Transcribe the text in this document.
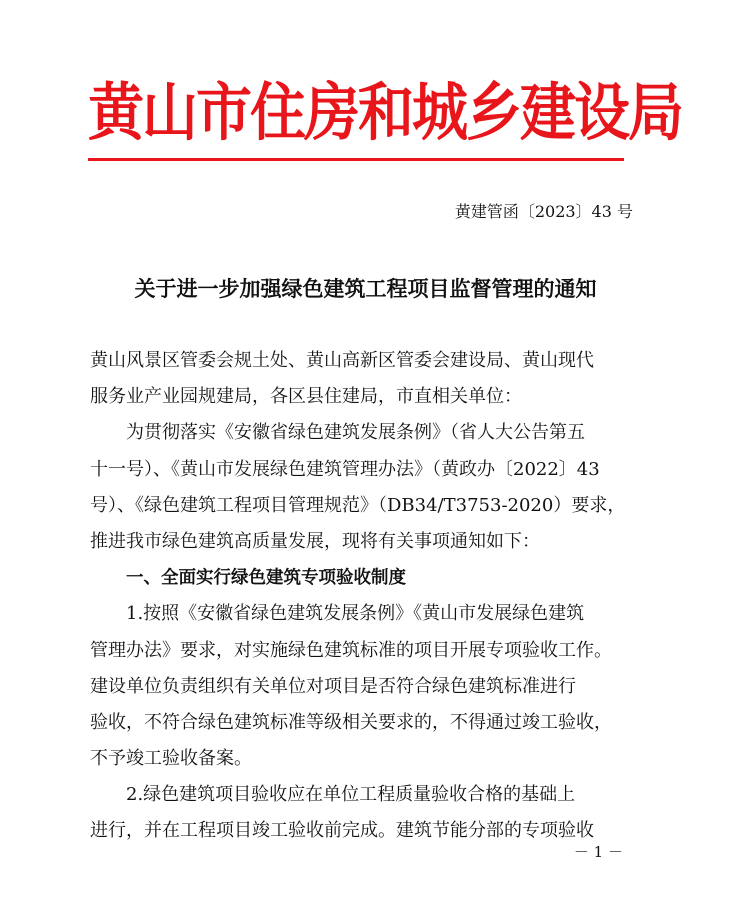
黄山市住房和城乡建设局
黄建管函〔2023〕43 号
关于进一步加强绿色建筑工程项目监督管理的通知
黄山风景区管委会规土处、黄山高新区管委会建设局、黄山现代
服务业产业园规建局，各区县住建局，市直相关单位：
为贯彻落实《安徽省绿色建筑发展条例》（省人大公告第五
十一号）、《黄山市发展绿色建筑管理办法》（黄政办〔2022〕43
号）、《绿色建筑工程项目管理规范》（DB34/T3753-2020）要求，
推进我市绿色建筑高质量发展，现将有关事项通知如下：
一、全面实行绿色建筑专项验收制度
1.按照《安徽省绿色建筑发展条例》《黄山市发展绿色建筑
管理办法》要求，对实施绿色建筑标准的项目开展专项验收工作。
建设单位负责组织有关单位对项目是否符合绿色建筑标准进行
验收，不符合绿色建筑标准等级相关要求的，不得通过竣工验收，
不予竣工验收备案。
2.绿色建筑项目验收应在单位工程质量验收合格的基础上
进行，并在工程项目竣工验收前完成。建筑节能分部的专项验收
－ 1 －
